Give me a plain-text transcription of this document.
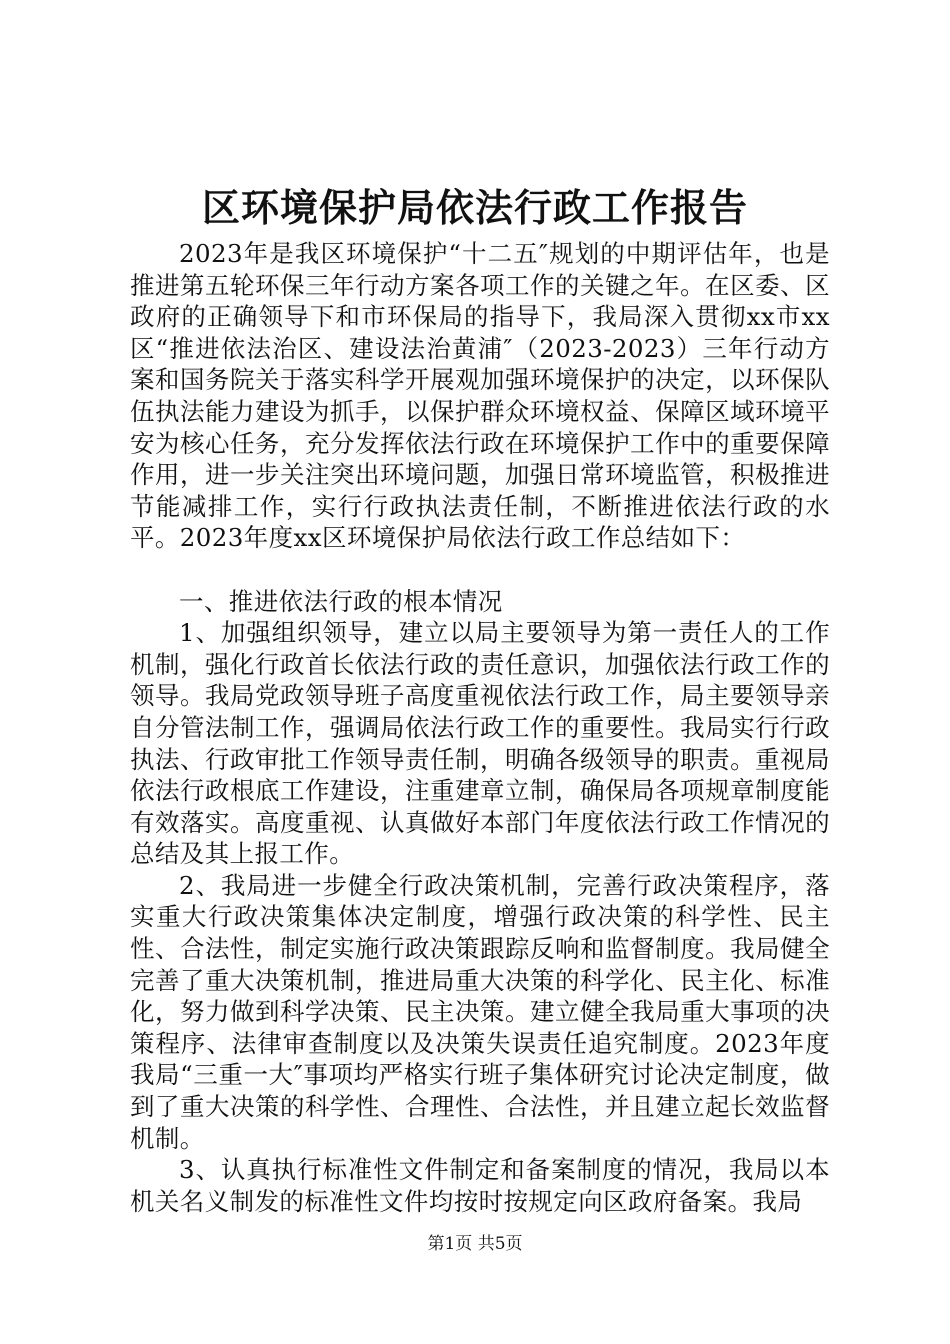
区环境保护局依法行政工作报告

2023年是我区环境保护“十二五″规划的中期评估年，也是推进第五轮环保三年行动方案各项工作的关键之年。在区委、区政府的正确领导下和市环保局的指导下，我局深入贯彻xx市xx区“推进依法治区、建设法治黄浦″（2023-2023）三年行动方案和国务院关于落实科学开展观加强环境保护的决定，以环保队伍执法能力建设为抓手，以保护群众环境权益、保障区域环境平安为核心任务，充分发挥依法行政在环境保护工作中的重要保障作用，进一步关注突出环境问题，加强日常环境监管，积极推进节能减排工作，实行行政执法责任制，不断推进依法行政的水平。2023年度xx区环境保护局依法行政工作总结如下：

一、推进依法行政的根本情况

1、加强组织领导，建立以局主要领导为第一责任人的工作机制，强化行政首长依法行政的责任意识，加强依法行政工作的领导。我局党政领导班子高度重视依法行政工作，局主要领导亲自分管法制工作，强调局依法行政工作的重要性。我局实行行政执法、行政审批工作领导责任制，明确各级领导的职责。重视局依法行政根底工作建设，注重建章立制，确保局各项规章制度能有效落实。高度重视、认真做好本部门年度依法行政工作情况的总结及其上报工作。

2、我局进一步健全行政决策机制，完善行政决策程序，落实重大行政决策集体决定制度，增强行政决策的科学性、民主性、合法性，制定实施行政决策跟踪反响和监督制度。我局健全完善了重大决策机制，推进局重大决策的科学化、民主化、标准化，努力做到科学决策、民主决策。建立健全我局重大事项的决策程序、法律审查制度以及决策失误责任追究制度。2023年度我局“三重一大″事项均严格实行班子集体研究讨论决定制度，做到了重大决策的科学性、合理性、合法性，并且建立起长效监督机制。

3、认真执行标准性文件制定和备案制度的情况，我局以本机关名义制发的标准性文件均按时按规定向区政府备案。我局

第1页 共5页
